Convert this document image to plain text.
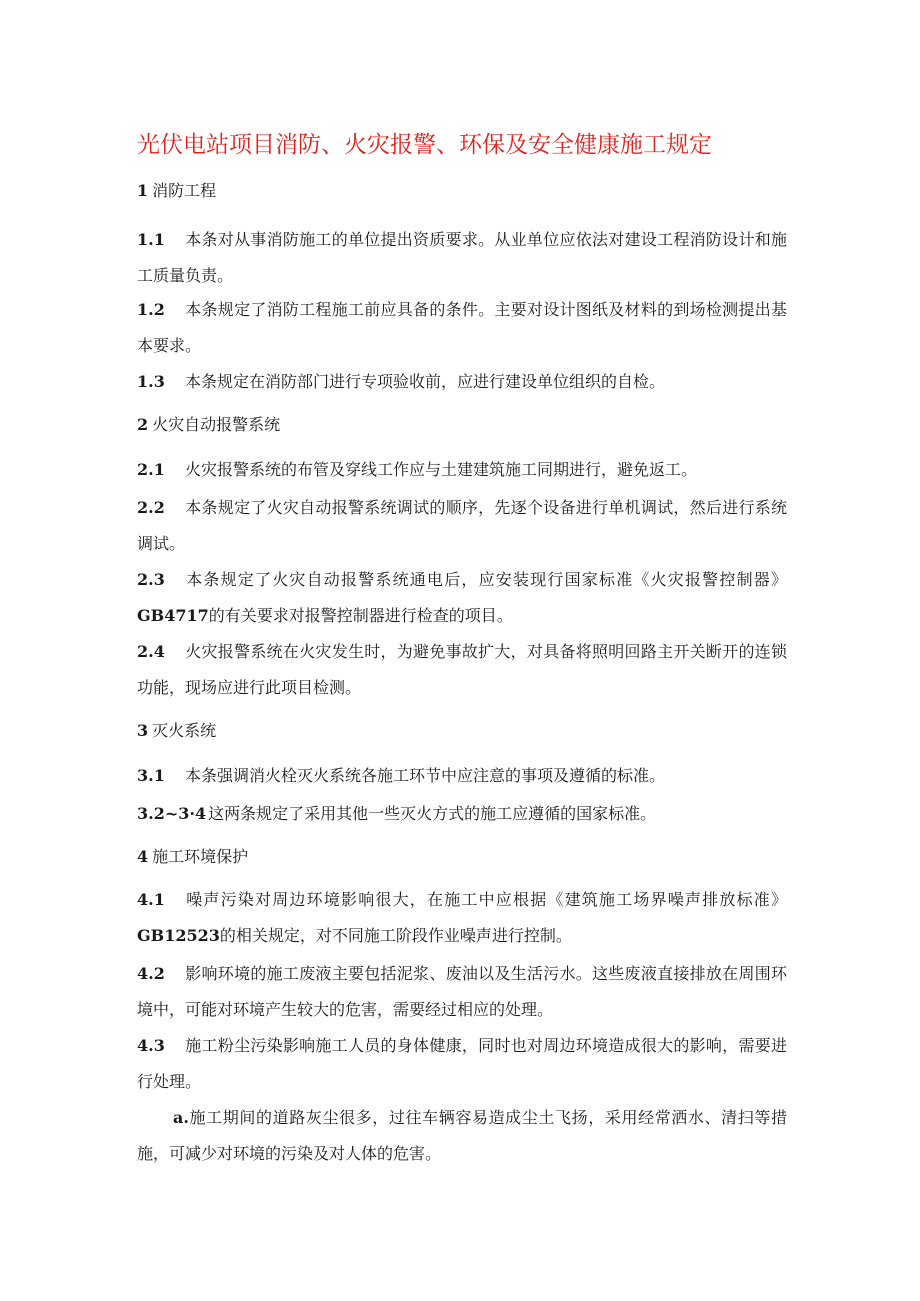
光伏电站项目消防、火灾报警、环保及安全健康施工规定
1 消防工程
1.1 本条对从事消防施工的单位提出资质要求。从业单位应依法对建设工程消防设计和施工质量负责。
1.2 本条规定了消防工程施工前应具备的条件。主要对设计图纸及材料的到场检测提出基本要求。
1.3 本条规定在消防部门进行专项验收前，应进行建设单位组织的自检。
2 火灾自动报警系统
2.1 火灾报警系统的布管及穿线工作应与土建建筑施工同期进行，避免返工。
2.2 本条规定了火灾自动报警系统调试的顺序，先逐个设备进行单机调试，然后进行系统调试。
2.3 本条规定了火灾自动报警系统通电后，应安装现行国家标准《火灾报警控制器》GB4717的有关要求对报警控制器进行检查的项目。
2.4 火灾报警系统在火灾发生时，为避免事故扩大，对具备将照明回路主开关断开的连锁功能，现场应进行此项目检测。
3 灭火系统
3.1 本条强调消火栓灭火系统各施工环节中应注意的事项及遵循的标准。
3.2~3·4 这两条规定了采用其他一些灭火方式的施工应遵循的国家标准。
4 施工环境保护
4.1 噪声污染对周边环境影响很大，在施工中应根据《建筑施工场界噪声排放标准》GB12523的相关规定，对不同施工阶段作业噪声进行控制。
4.2 影响环境的施工废液主要包括泥浆、废油以及生活污水。这些废液直接排放在周围环境中，可能对环境产生较大的危害，需要经过相应的处理。
4.3 施工粉尘污染影响施工人员的身体健康，同时也对周边环境造成很大的影响，需要进行处理。
a.施工期间的道路灰尘很多，过往车辆容易造成尘土飞扬，采用经常洒水、清扫等措施，可减少对环境的污染及对人体的危害。
